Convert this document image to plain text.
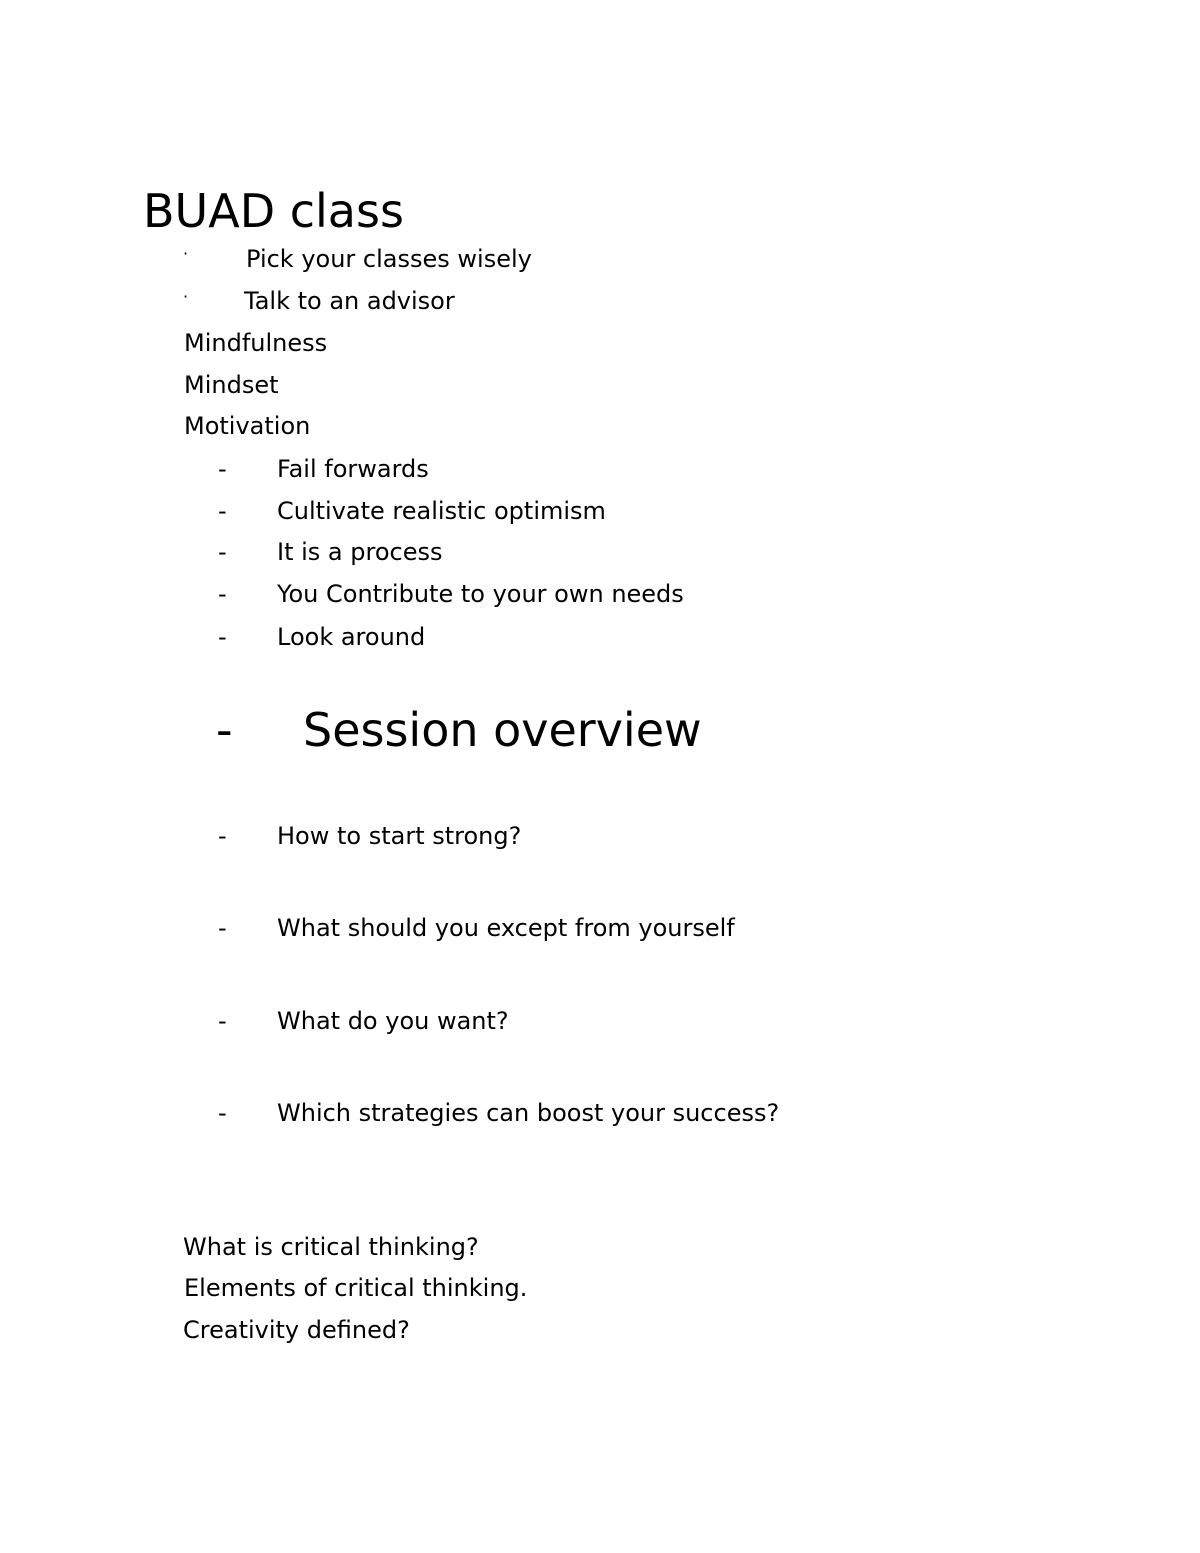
BUAD class
· Pick your classes wisely
· Talk to an advisor
Mindfulness
Mindset
Motivation
- Fail forwards
- Cultivate realistic optimism
- It is a process
- You Contribute to your own needs
- Look around
- Session overview
- How to start strong?
- What should you except from yourself
- What do you want?
- Which strategies can boost your success?
What is critical thinking?
Elements of critical thinking.
Creativity defined?
